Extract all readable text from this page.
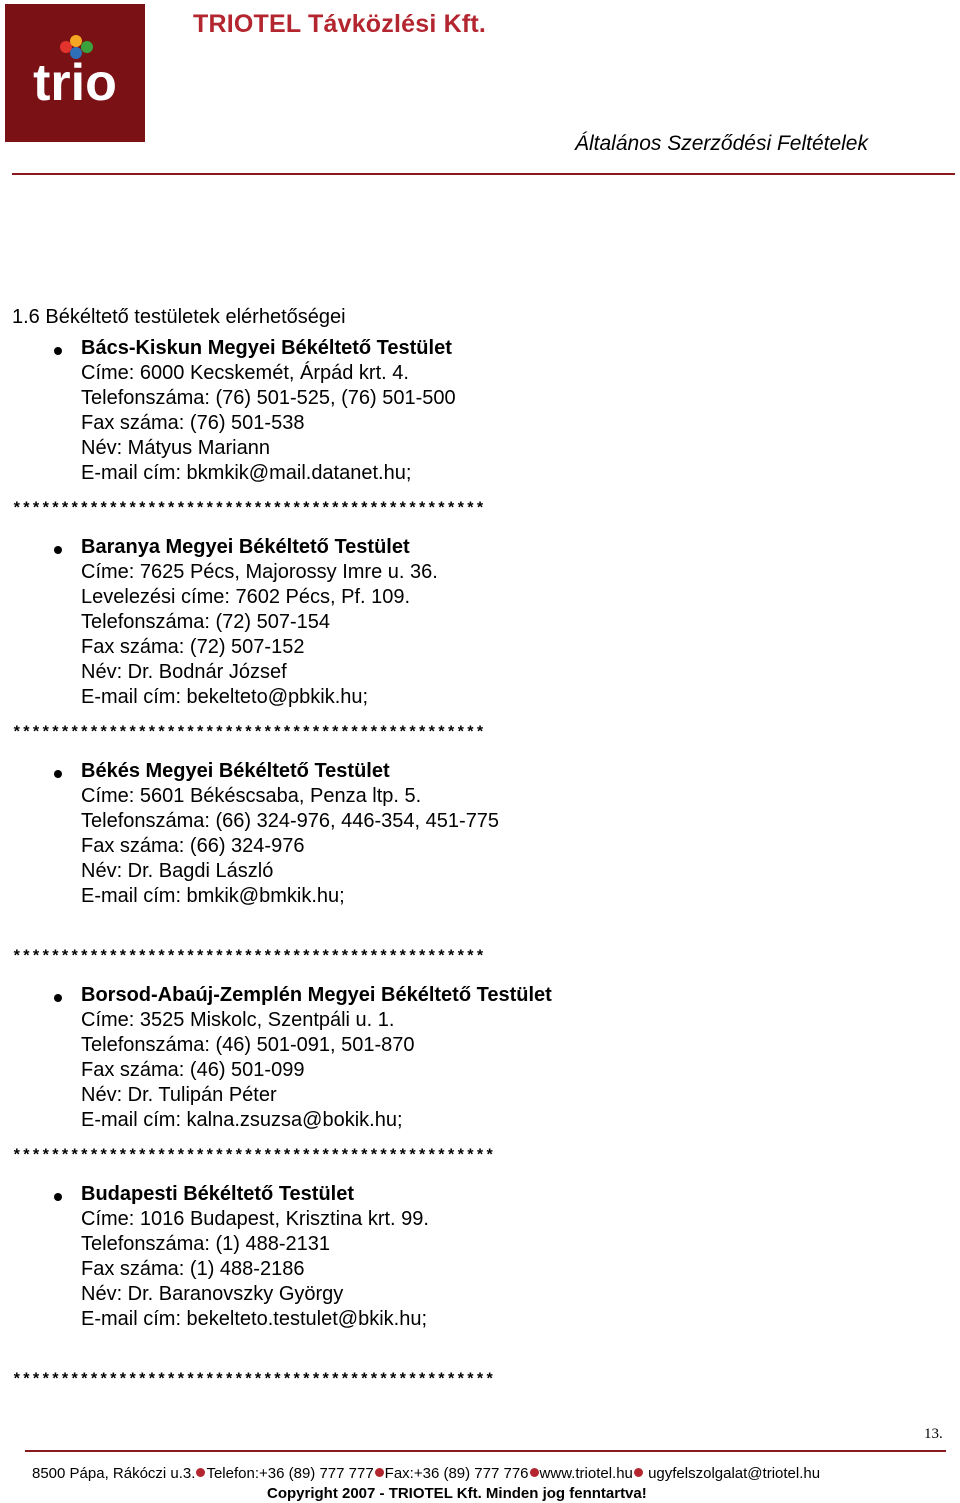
trio
TRIOTEL Távközlési Kft.
Általános Szerződési Feltételek
1.6 Békéltető testületek elérhetőségei
Bács-Kiskun Megyei Békéltető Testület
Címe: 6000 Kecskemét, Árpád krt. 4.
Telefonszáma: (76) 501-525, (76) 501-500
Fax száma: (76) 501-538
Név: Mátyus Mariann
E-mail cím: bkmkik@mail.datanet.hu;
*************************************************
Baranya Megyei Békéltető Testület
Címe: 7625 Pécs, Majorossy Imre u. 36.
Levelezési címe: 7602 Pécs, Pf. 109.
Telefonszáma: (72) 507-154
Fax száma: (72) 507-152
Név: Dr. Bodnár József
E-mail cím: bekelteto@pbkik.hu;
*************************************************
Békés Megyei Békéltető Testület
Címe: 5601 Békéscsaba, Penza ltp. 5.
Telefonszáma: (66) 324-976, 446-354, 451-775
Fax száma: (66) 324-976
Név: Dr. Bagdi László
E-mail cím: bmkik@bmkik.hu;
*************************************************
Borsod-Abaúj-Zemplén Megyei Békéltető Testület
Címe: 3525 Miskolc, Szentpáli u. 1.
Telefonszáma: (46) 501-091, 501-870
Fax száma: (46) 501-099
Név: Dr. Tulipán Péter
E-mail cím: kalna.zsuzsa@bokik.hu;
**************************************************
Budapesti Békéltető Testület
Címe: 1016 Budapest, Krisztina krt. 99.
Telefonszáma: (1) 488-2131
Fax száma: (1) 488-2186
Név: Dr. Baranovszky György
E-mail cím: bekelteto.testulet@bkik.hu;
**************************************************
13.
8500 Pápa, Rákóczi u.3. Telefon:+36 (89) 777 777 Fax:+36 (89) 777 776 www.triotel.hu ugyfelszolgalat@triotel.hu
Copyright 2007 - TRIOTEL Kft. Minden jog fenntartva!
